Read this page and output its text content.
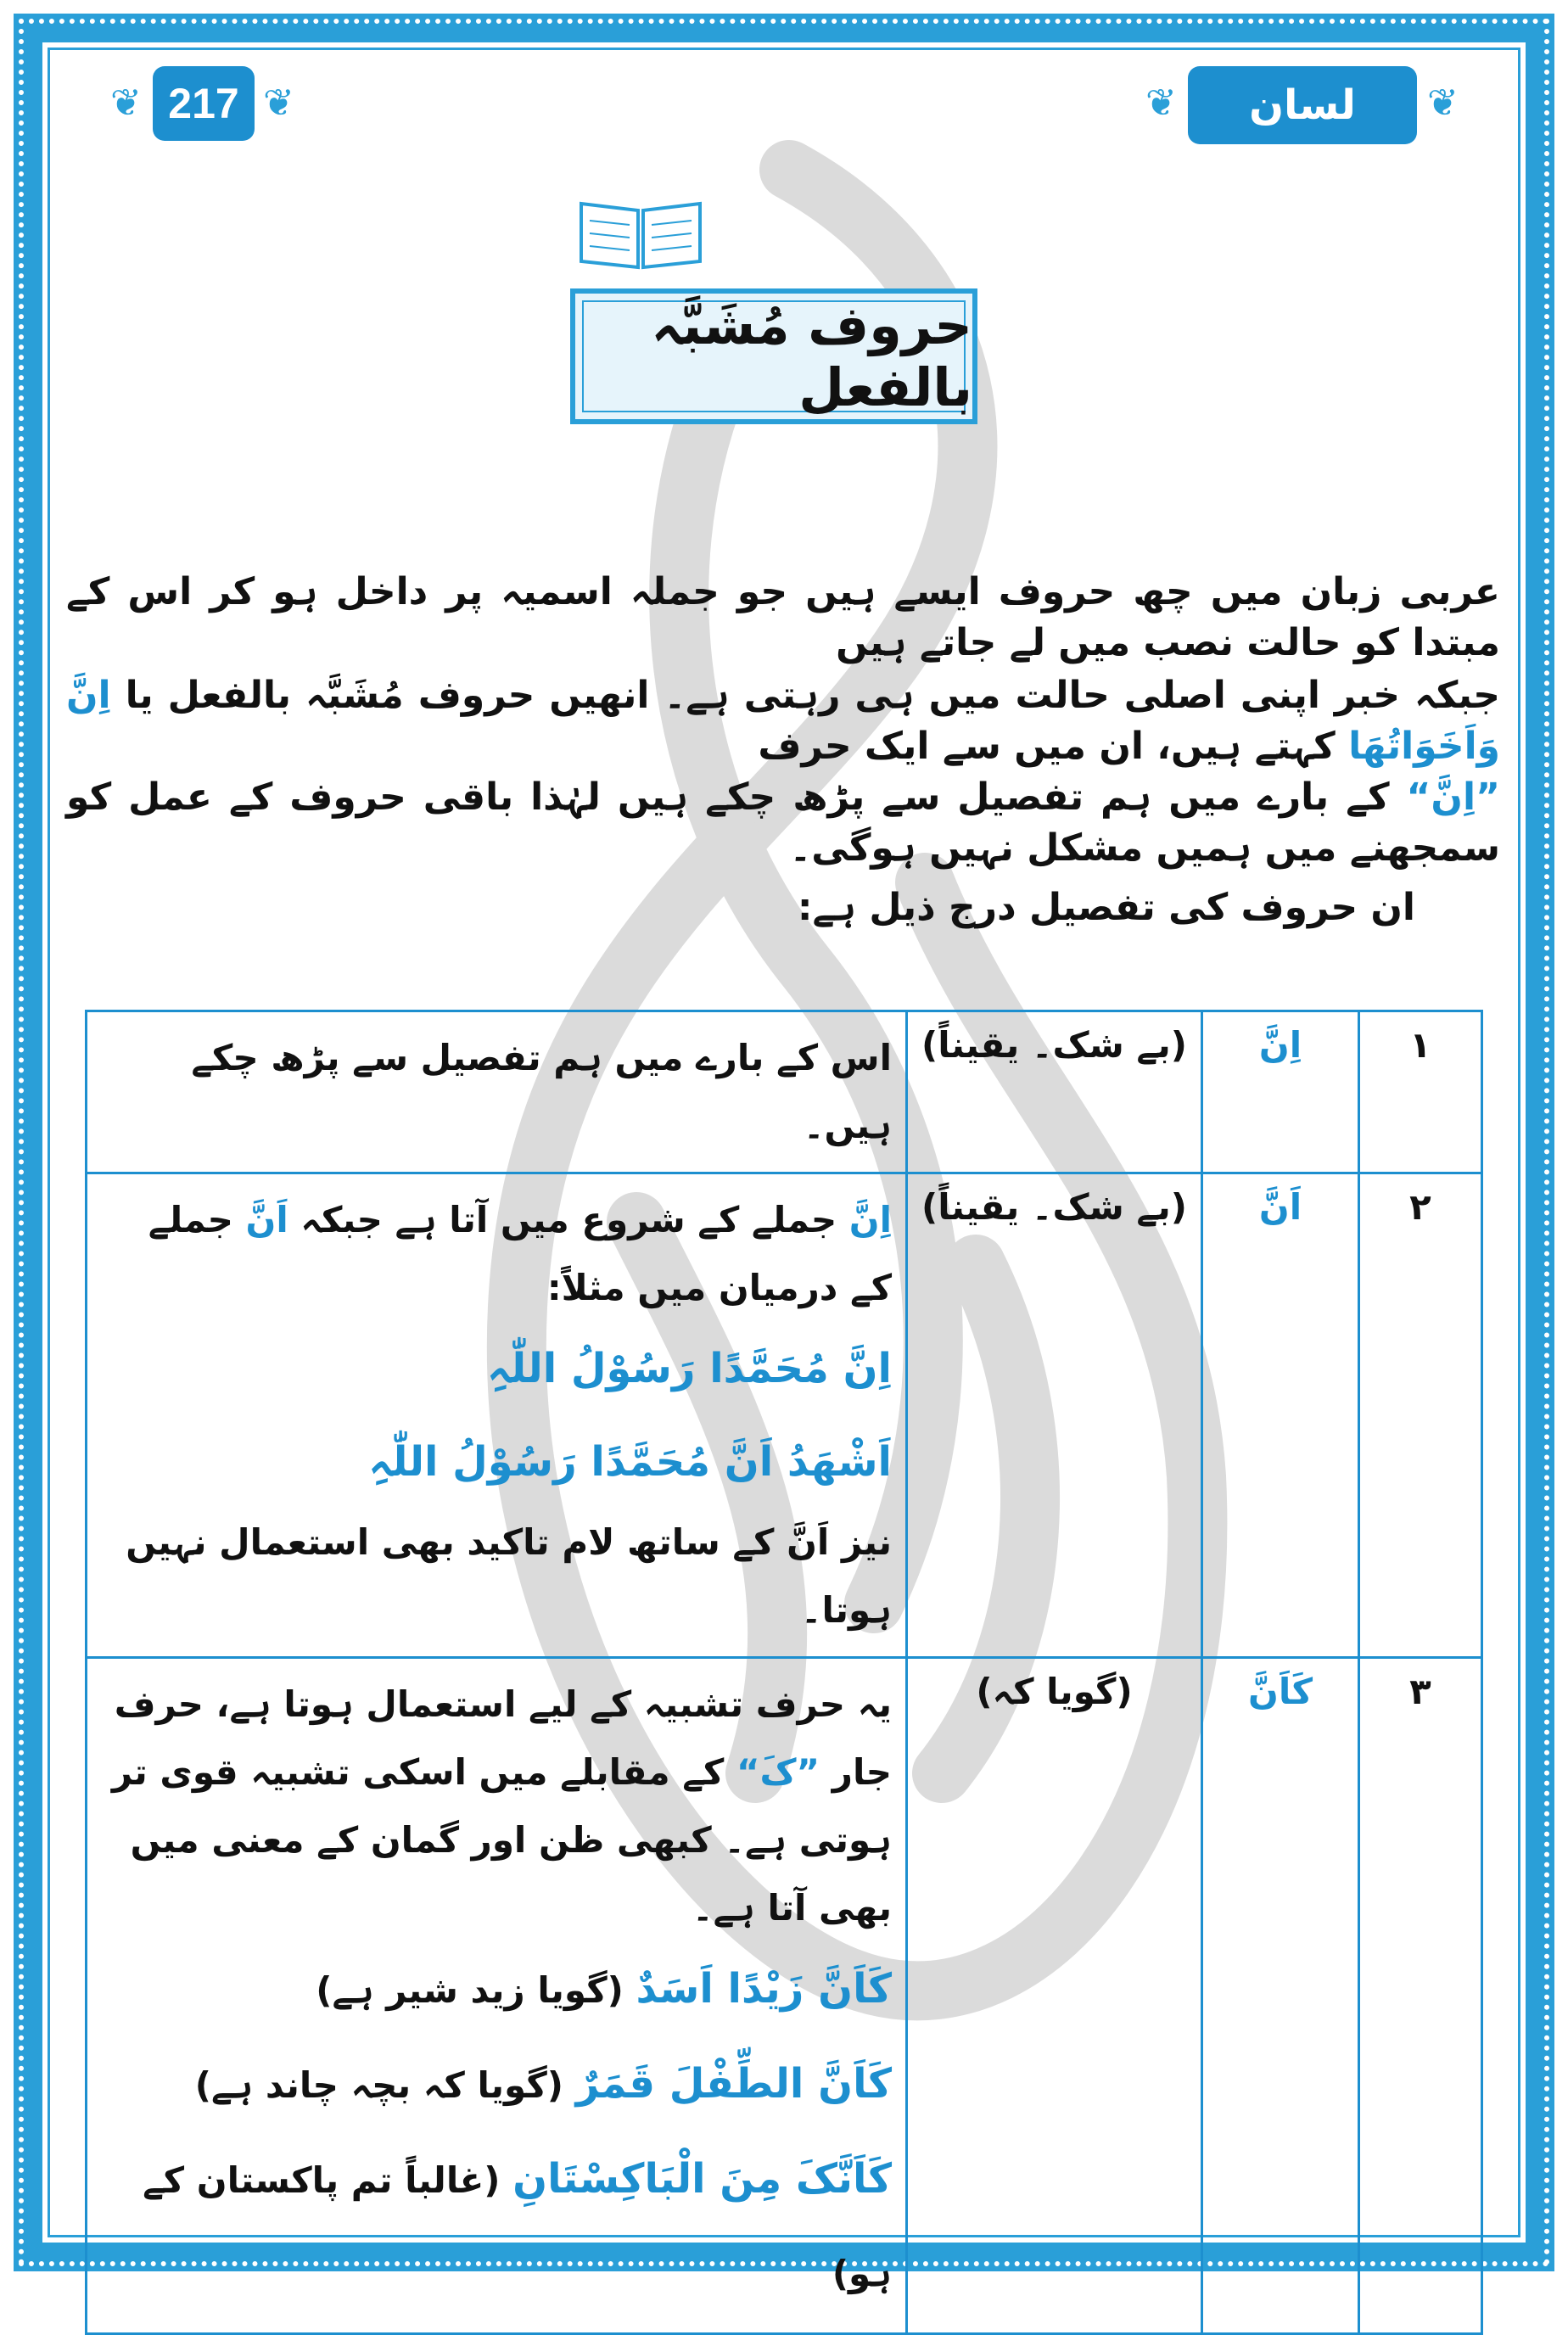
❦ 217 ❦	❦	لسان القرآن
❦
حروف مُشَبَّہ بالفعل
عربی زبان میں چھ حروف ایسے ہیں جو جملہ اسمیہ پر داخل ہو کر اس کے مبتدا کو حالت نصب میں لے جاتے ہیں
جبکہ خبر اپنی اصلی حالت میں ہی رہتی ہے۔ انھیں حروف مُشَبَّہ بالفعل یا اِنَّ وَاَخَوَاتُھَا کہتے ہیں، ان میں سے ایک حرف
”اِنَّ“ کے بارے میں ہم تفصیل سے پڑھ چکے ہیں لہٰذا باقی حروف کے عمل کو سمجھنے میں ہمیں مشکل نہیں ہوگی۔
ان حروف کی تفصیل درج ذیل ہے:
۱	اِنَّ	(بے شک۔ یقیناً)	اس کے بارے میں ہم تفصیل سے پڑھ چکے ہیں۔
۲	اَنَّ	(بے شک۔ یقیناً)	اِنَّ جملے کے شروع میں آتا ہے جبکہ اَنَّ جملے کے درمیان میں مثلاً:
اِنَّ مُحَمَّدًا رَسُوْلُ اللّٰہِ
اَشْھَدُ اَنَّ مُحَمَّدًا رَسُوْلُ اللّٰہِ
نیز اَنَّ کے ساتھ لام تاکید بھی استعمال نہیں ہوتا۔

۳	کَاَنَّ	(گویا کہ)	یہ حرف تشبیہ کے لیے استعمال ہوتا ہے، حرف جار ”کَ“ کے مقابلے میں اسکی تشبیہ قوی تر ہوتی ہے۔ کبھی ظن اور گمان کے معنی میں بھی آتا ہے۔
کَاَنَّ زَیْدًا اَسَدٌ (گویا زید شیر ہے)
کَاَنَّ الطِّفْلَ قَمَرٌ (گویا کہ بچہ چاند ہے)
کَاَنَّکَ مِنَ الْبَاکِسْتَانِ (غالباً تم پاکستان کے ہو)
